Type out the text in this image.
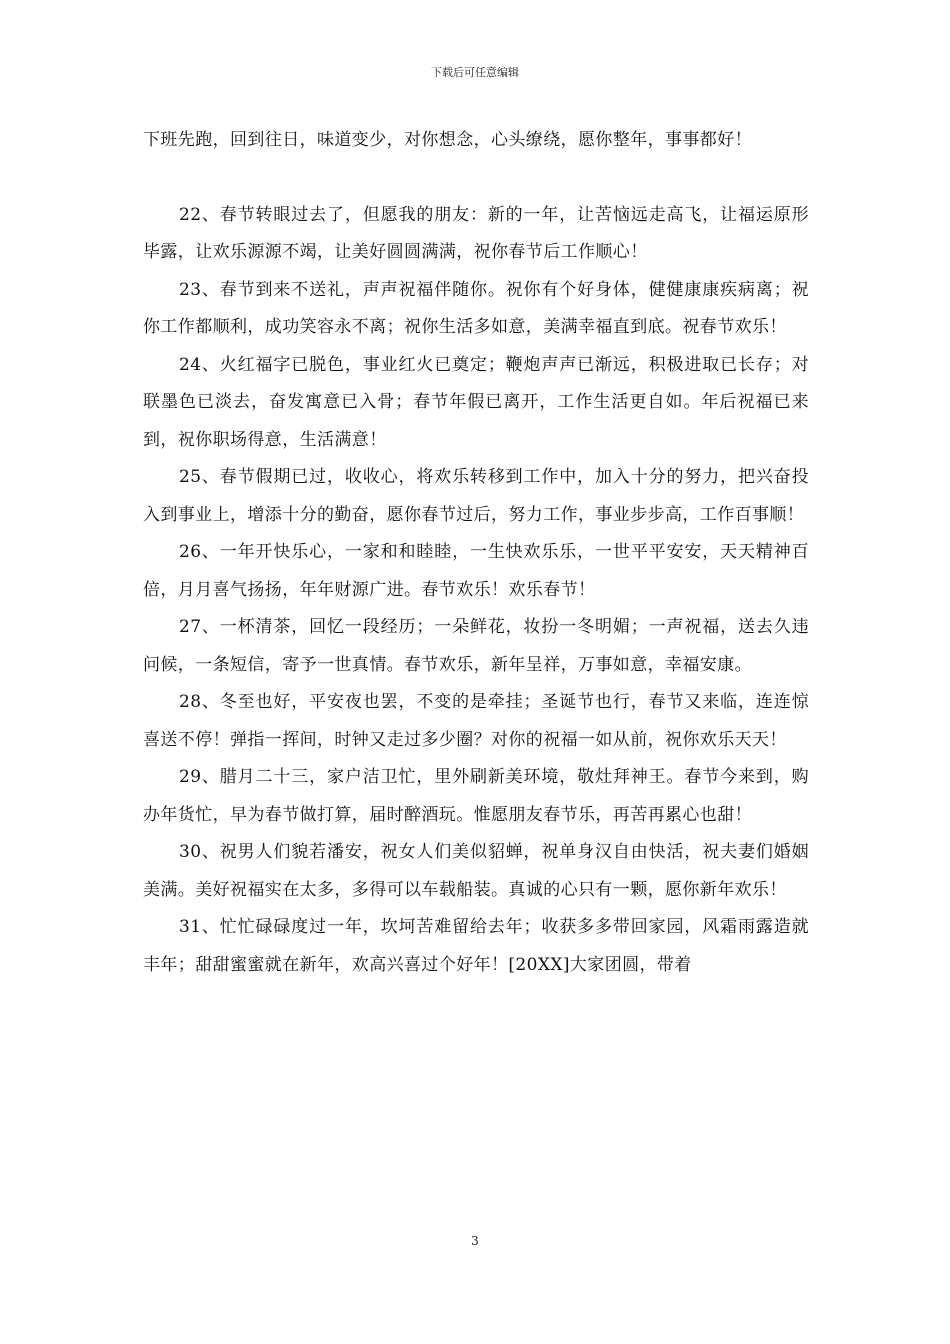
下载后可任意编辑

下班先跑，回到往日，味道变少，对你想念，心头缭绕，愿你整年，事事都好！

22、春节转眼过去了，但愿我的朋友：新的一年，让苦恼远走高飞，让福运原形毕露，让欢乐源源不竭，让美好圆圆满满，祝你春节后工作顺心！

23、春节到来不送礼，声声祝福伴随你。祝你有个好身体，健健康康疾病离；祝你工作都顺利，成功笑容永不离；祝你生活多如意，美满幸福直到底。祝春节欢乐！

24、火红福字已脱色，事业红火已奠定；鞭炮声声已渐远，积极进取已长存；对联墨色已淡去，奋发寓意已入骨；春节年假已离开，工作生活更自如。年后祝福已来到，祝你职场得意，生活满意！

25、春节假期已过，收收心，将欢乐转移到工作中，加入十分的努力，把兴奋投入到事业上，增添十分的勤奋，愿你春节过后，努力工作，事业步步高，工作百事顺！

26、一年开快乐心，一家和和睦睦，一生快欢乐乐，一世平平安安，天天精神百倍，月月喜气扬扬，年年财源广进。春节欢乐！欢乐春节！

27、一杯清茶，回忆一段经历；一朵鲜花，妆扮一冬明媚；一声祝福，送去久违问候，一条短信，寄予一世真情。春节欢乐，新年呈祥，万事如意，幸福安康。

28、冬至也好，平安夜也罢，不变的是牵挂；圣诞节也行，春节又来临，连连惊喜送不停！弹指一挥间，时钟又走过多少圈？对你的祝福一如从前，祝你欢乐天天！

29、腊月二十三，家户洁卫忙，里外刷新美环境，敬灶拜神王。春节今来到，购办年货忙，早为春节做打算，届时醉酒玩。惟愿朋友春节乐，再苦再累心也甜！

30、祝男人们貌若潘安，祝女人们美似貂蝉，祝单身汉自由快活，祝夫妻们婚姻美满。美好祝福实在太多，多得可以车载船装。真诚的心只有一颗，愿你新年欢乐！

31、忙忙碌碌度过一年，坎坷苦难留给去年；收获多多带回家园，风霜雨露造就丰年；甜甜蜜蜜就在新年，欢高兴喜过个好年！[20XX]大家团圆，带着

3
